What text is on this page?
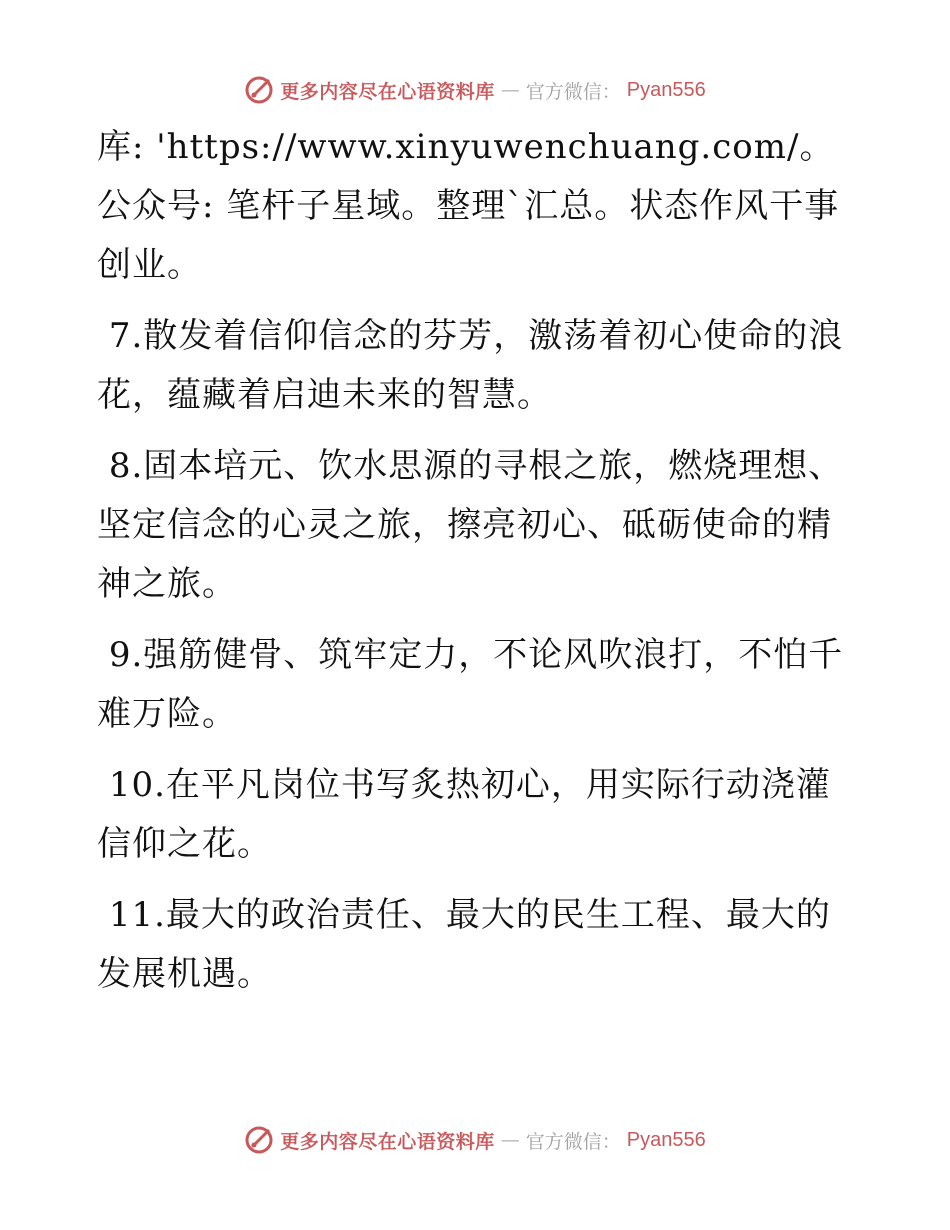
更多内容尽在心语资料库 — 官方微信： Pyan556

库: 'https://www.xinyuwenchuang.com/。公众号: 笔杆子星域。整理`汇总。状态作风干事创业。

7.散发着信仰信念的芬芳，激荡着初心使命的浪花，蕴藏着启迪未来的智慧。

8.固本培元、饮水思源的寻根之旅，燃烧理想、坚定信念的心灵之旅，擦亮初心、砥砺使命的精神之旅。

9.强筋健骨、筑牢定力，不论风吹浪打，不怕千难万险。

10.在平凡岗位书写炙热初心，用实际行动浇灌信仰之花。

11.最大的政治责任、最大的民生工程、最大的发展机遇。

更多内容尽在心语资料库 — 官方微信： Pyan556
